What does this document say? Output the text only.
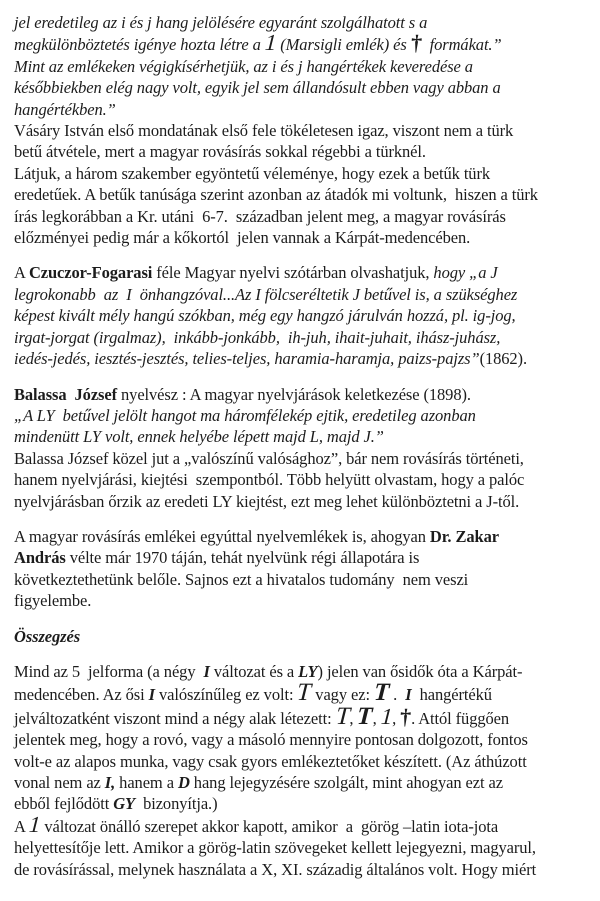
jel eredetileg az i és j hang jelölésére egyaránt szolgálhatott s a
megkülönböztetés igénye hozta létre a 1 (Marsigli emlék) és †  formákat.”
Mint az emlékeken végigkísérhetjük, az i és j hangértékek keveredése a
későbbiekben elég nagy volt, egyik jel sem állandósult ebben vagy abban a
hangértékben.”
Vásáry István első mondatának első fele tökéletesen igaz, viszont nem a türk
betű átvétele, mert a magyar rovásírás sokkal régebbi a türknél.
Látjuk, a három szakember egyöntetű véleménye, hogy ezek a betűk türk
eredetűek. A betűk tanúsága szerint azonban az átadók mi voltunk,  hiszen a türk
írás legkorábban a Kr. utáni  6-7.  században jelent meg, a magyar rovásírás
előzményei pedig már a kőkortól  jelen vannak a Kárpát-medencében.
A Czuczor-Fogarasi féle Magyar nyelvi szótárban olvashatjuk, hogy „a J
legrokonabb  az  I  önhangzóval...Az I fölcseréltetik J betűvel is, a szükséghez
képest kivált mély hangú szókban, még egy hangzó járulván hozzá, pl. ig-jog,
irgat-jorgat (irgalmaz),  inkább-jonkább,  ih-juh, ihait-juhait, ihász-juhász,
iedés-jedés, iesztés-jesztés, telies-teljes, haramia-haramja, paizs-pajzs”(1862).
Balassa  József nyelvész : A magyar nyelvjárások keletkezése (1898).
„A LY  betűvel jelölt hangot ma háromfélekép ejtik, eredetileg azonban
mindenütt LY volt, ennek helyébe lépett majd L, majd J.”
Balassa József közel jut a „valószínű valósághoz”, bár nem rovásírás történeti,
hanem nyelvjárási, kiejtési  szempontból. Több helyütt olvastam, hogy a palóc
nyelvjárásban őrzik az eredeti LY kiejtést, ezt meg lehet különböztetni a J-től.
A magyar rovásírás emlékei egyúttal nyelvemlékek is, ahogyan Dr. Zakar
András vélte már 1970 táján, tehát nyelvünk régi állapotára is
következtethetünk belőle. Sajnos ezt a hivatalos tudomány  nem veszi
figyelembe.
Összegzés
Mind az 5  jelforma (a négy  I változat és a LY) jelen van ősidők óta a Kárpát-
medencében. Az ősi I valószínűleg ez volt: T vagy ez: T .  I  hangértékű
jelváltozatként viszont mind a négy alak létezett: T, T, 1, †. Attól függően
jelentek meg, hogy a rovó, vagy a másoló mennyire pontosan dolgozott, fontos
volt-e az alapos munka, vagy csak gyors emlékeztetőket készített. (Az áthúzott
vonal nem az I, hanem a D hang lejegyzésére szolgált, mint ahogyan ezt az
ebből fejlődött GY  bizonyítja.)
A 1 változat önálló szerepet akkor kapott, amikor  a  görög –latin iota-jota
helyettesítője lett. Amikor a görög-latin szövegeket kellett lejegyezni, magyarul,
de rovásírással, melynek használata a X, XI. századig általános volt. Hogy miért
